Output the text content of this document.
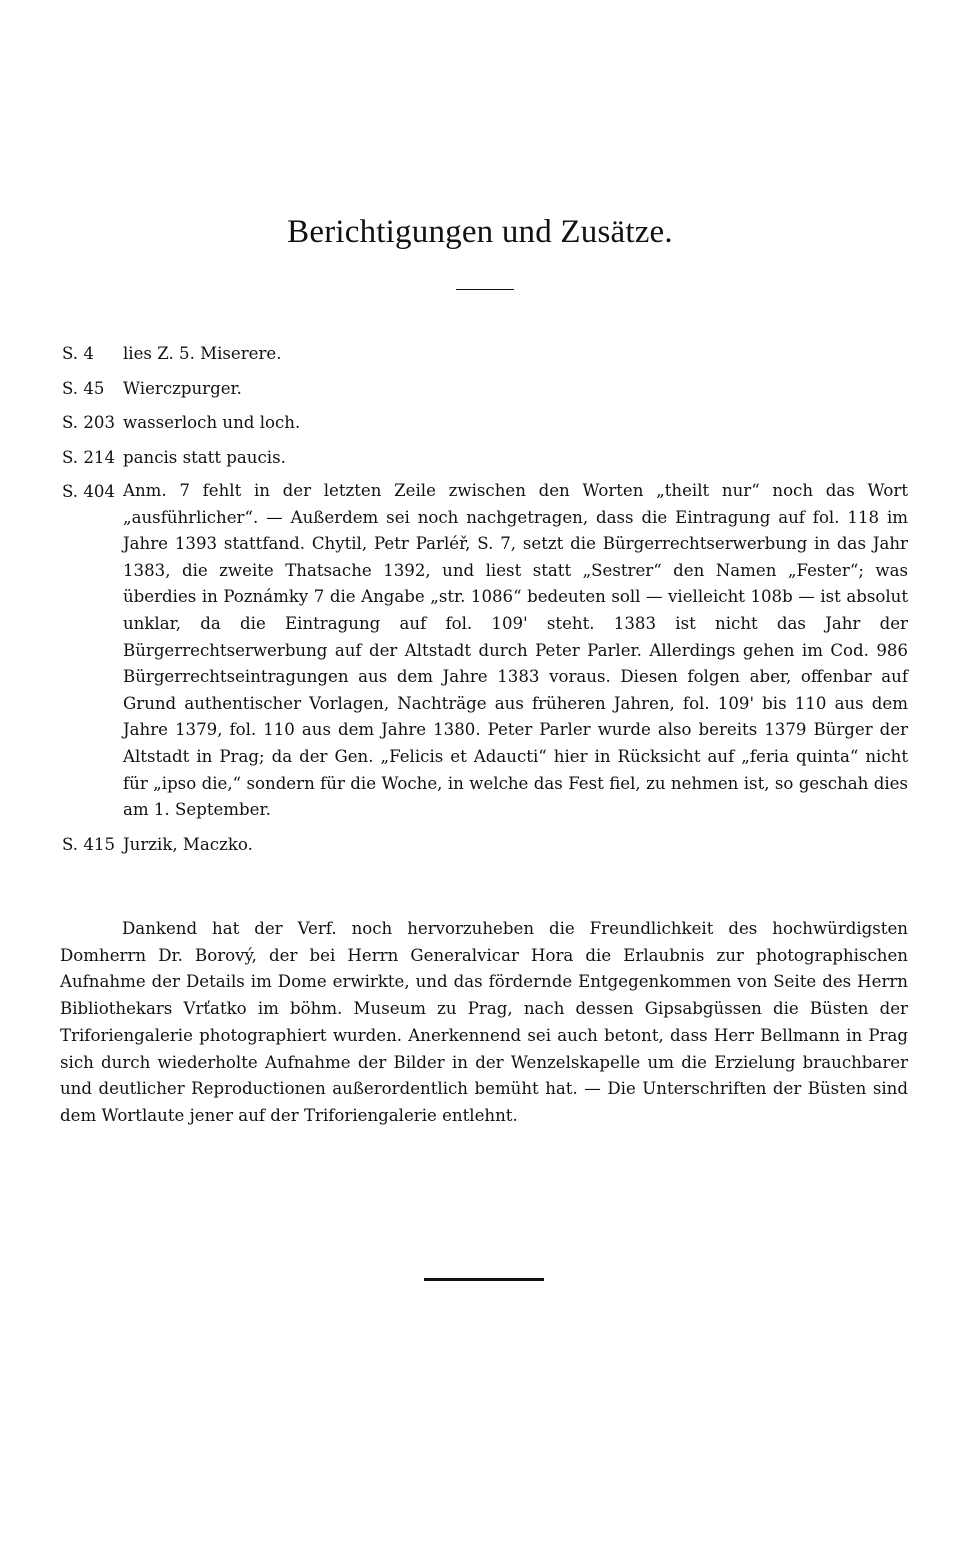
Berichtigungen und Zusätze.
S. 4	lies Z. 5. Miserere.
S. 45	Wierczpurger.
S. 203 wasserloch und loch.
S. 214 pancis statt paucis.
S. 404 Anm. 7 fehlt in der letzten Zeile zwischen den Worten „theilt nur“ noch das Wort „ausführlicher“. — Außerdem sei noch nachgetragen, dass die Eintragung auf fol. 118 im Jahre 1393 stattfand. Chytil, Petr Parléř, S. 7, setzt die Bürgerrechtserwerbung in das Jahr 1383, die zweite Thatsache 1392, und liest statt „Sestrer“ den Namen „Fester“; was überdies in Poznámky 7 die Angabe „str. 1086“ bedeuten soll — vielleicht 108b — ist absolut unklar, da die Eintragung auf fol. 109' steht. 1383 ist nicht das Jahr der Bürgerrechtserwerbung auf der Altstadt durch Peter Parler. Allerdings gehen im Cod. 986 Bürgerrechtseintragungen aus dem Jahre 1383 voraus. Diesen folgen aber, offenbar auf Grund authentischer Vorlagen, Nachträge aus früheren Jahren, fol. 109' bis 110 aus dem Jahre 1379, fol. 110 aus dem Jahre 1380. Peter Parler wurde also bereits 1379 Bürger der Altstadt in Prag; da der Gen. „Felicis et Adaucti“ hier in Rücksicht auf „feria quinta“ nicht für „ipso die,“ sondern für die Woche, in welche das Fest fiel, zu nehmen ist, so geschah dies am 1. September.
S. 415 Jurzik, Maczko.

Dankend hat der Verf. noch hervorzuheben die Freundlichkeit des hochwürdigsten Domherrn Dr. Borový, der bei Herrn Generalvicar Hora die Erlaubnis zur photographischen Aufnahme der Details im Dome erwirkte, und das fördernde Entgegenkommen von Seite des Herrn Bibliothekars Vrťatko im böhm. Museum zu Prag, nach dessen Gipsabgüssen die Büsten der Triforiengalerie photographiert wurden. Anerkennend sei auch betont, dass Herr Bellmann in Prag sich durch wiederholte Aufnahme der Bilder in der Wenzelskapelle um die Erzielung brauchbarer und deutlicher Reproductionen außerordentlich bemüht hat. — Die Unterschriften der Büsten sind dem Wortlaute jener auf der Triforiengalerie entlehnt.
